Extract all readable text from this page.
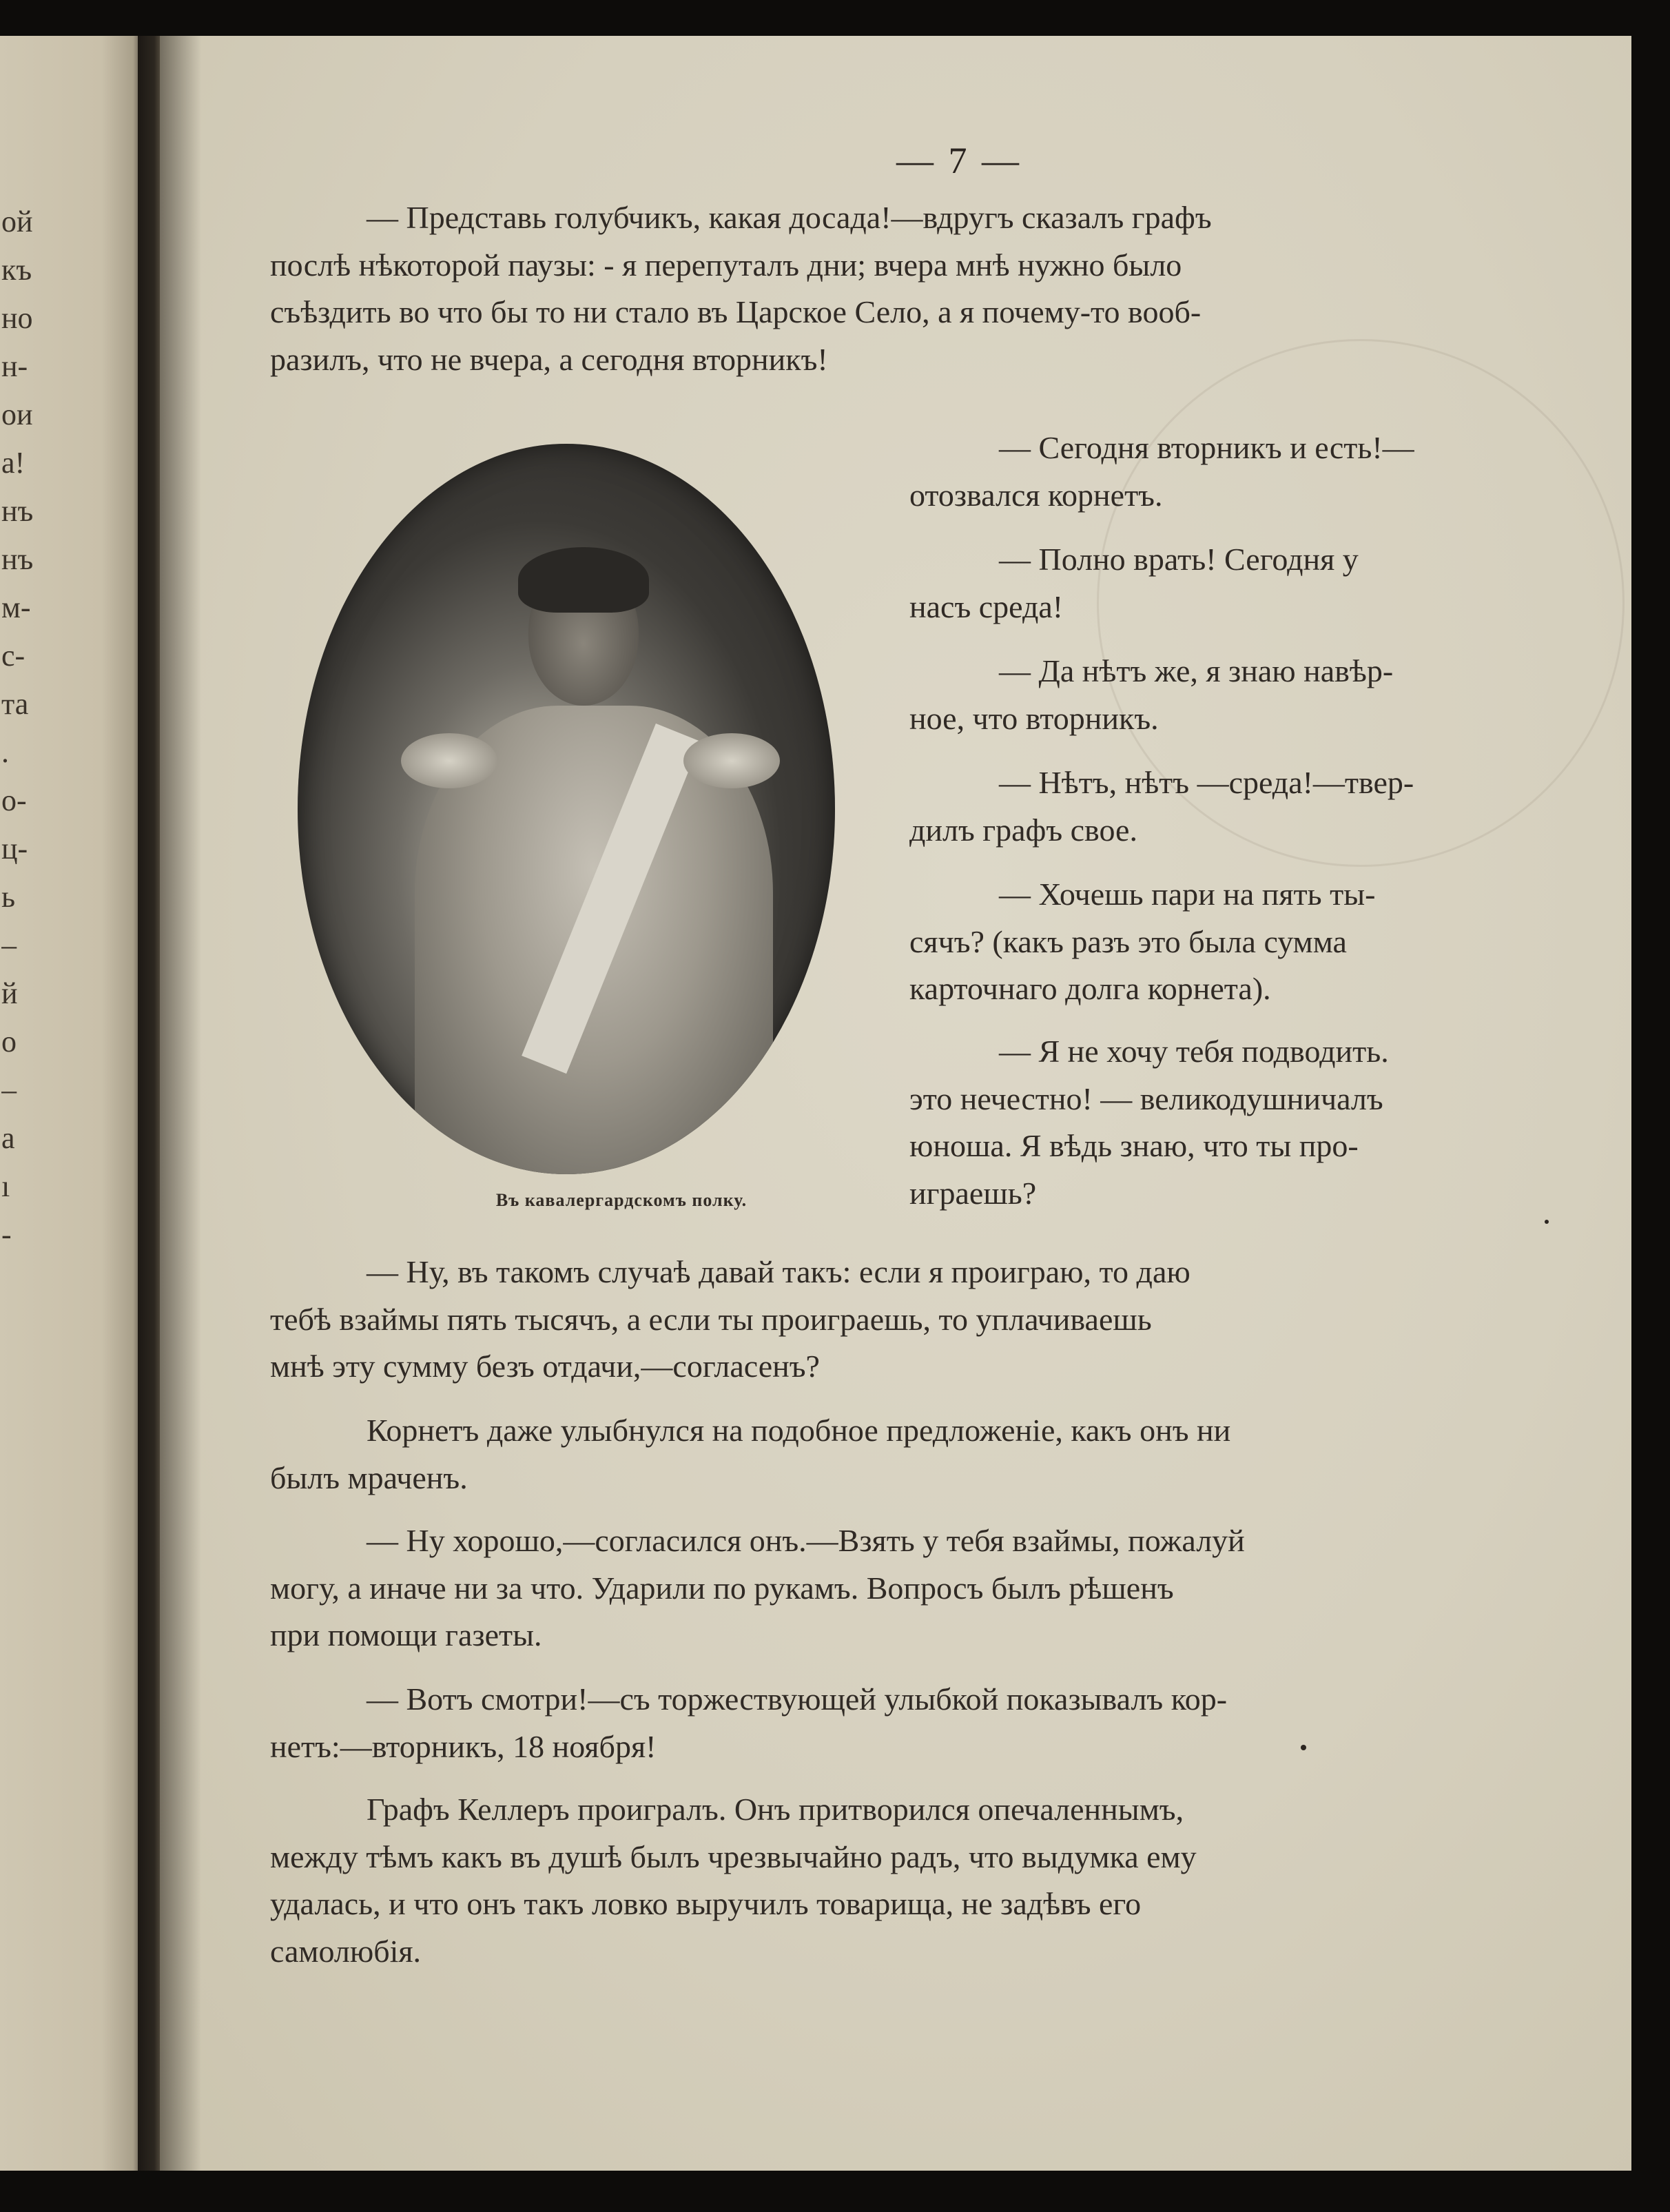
ой
къ
но
н-
ои
а!
нъ
нъ
м-
с-
та
.
о-
ц-
ь
–
й
о
–
а
ı
-
— 7 —

— Представь голубчикъ, какая досада!—вдругъ сказалъ графъ
послѣ нѣкоторой паузы: - я перепуталъ дни; вчера мнѣ нужно было
съѣздить во что бы то ни стало въ Царское Село, а я почему-то вооб-
разилъ, что не вчера, а сегодня вторникъ!

Въ кавалергардскомъ полку.

— Сегодня вторникъ и есть!—
отозвался корнетъ.

— Полно врать! Сегодня у
насъ среда!

— Да нѣтъ же, я знаю навѣр-
ное, что вторникъ.

— Нѣтъ, нѣтъ —среда!—твер-
дилъ графъ свое.

— Хочешь пари на пять ты-
сячъ? (какъ разъ это была сумма
карточнаго долга корнета).

— Я не хочу тебя подводить.
это нечестно! — великодушничалъ
юноша. Я вѣдь знаю, что ты про-
играешь?

— Ну, въ такомъ случаѣ давай такъ: если я проиграю, то даю
тебѣ взаймы пять тысячъ, а если ты проиграешь, то уплачиваешь
мнѣ эту сумму безъ отдачи,—согласенъ?

Корнетъ даже улыбнулся на подобное предложеніе, какъ онъ ни
былъ мраченъ.

— Ну хорошо,—согласился онъ.—Взять у тебя взаймы, пожалуй
могу, а иначе ни за что. Ударили по рукамъ. Вопросъ былъ рѣшенъ
при помощи газеты.

— Вотъ смотри!—съ торжествующей улыбкой показывалъ кор-
нетъ:—вторникъ, 18 ноября!

Графъ Келлеръ проигралъ. Онъ притворился опечаленнымъ,
между тѣмъ какъ въ душѣ былъ чрезвычайно радъ, что выдумка ему
удалась, и что онъ такъ ловко выручилъ товарища, не задѣвъ его
самолюбія.
